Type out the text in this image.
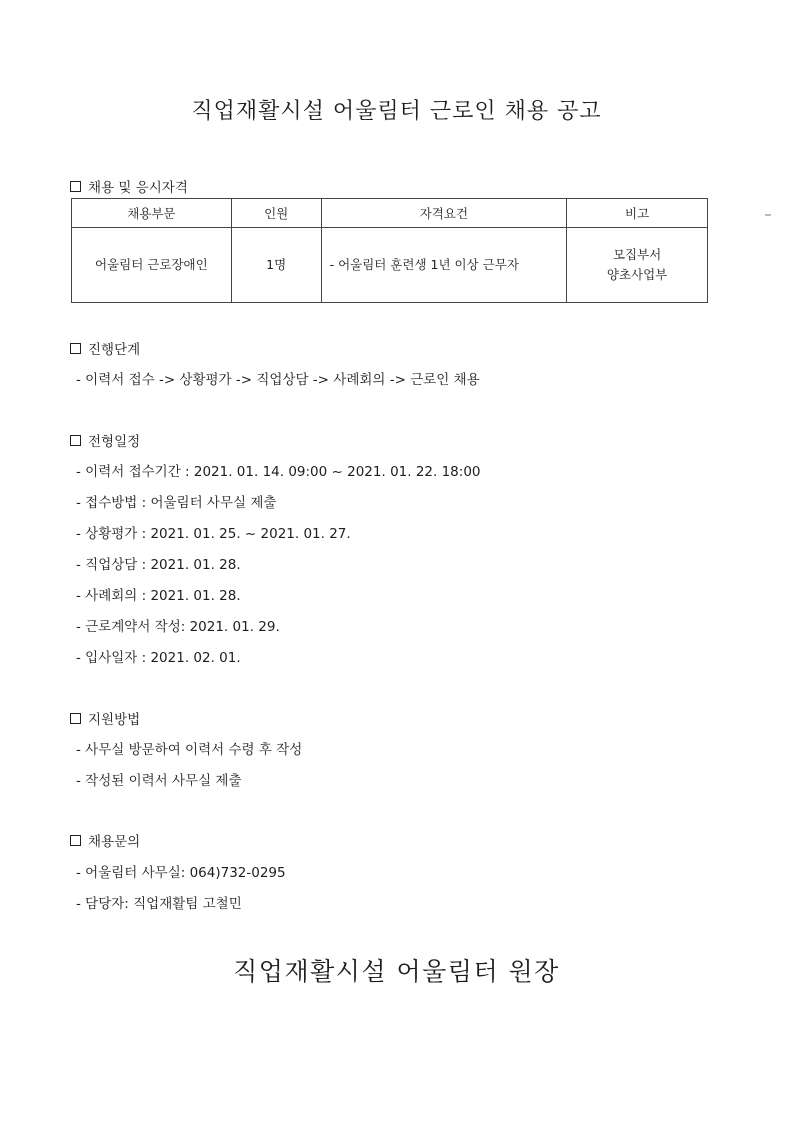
직업재활시설 어울림터 근로인 채용 공고
채용 및 응시자격
채용부문	인원	자격요건	비고
어울림터 근로장애인	1명	- 어울림터 훈련생 1년 이상 근무자	모집부서
양초사업부
진행단계
- 이력서 접수 -> 상황평가 -> 직업상담 -> 사례회의 -> 근로인 채용
전형일정
- 이력서 접수기간 : 2021. 01. 14. 09:00 ~ 2021. 01. 22. 18:00
- 접수방법 : 어울림터 사무실 제출
- 상황평가 : 2021. 01. 25. ~ 2021. 01. 27.
- 직업상담 : 2021. 01. 28.
- 사례회의 : 2021. 01. 28.
- 근로계약서 작성: 2021. 01. 29.
- 입사일자 : 2021. 02. 01.
지원방법
- 사무실 방문하여 이력서 수령 후 작성
- 작성된 이력서 사무실 제출
채용문의
- 어울림터 사무실: 064)732-0295
- 담당자: 직업재활팀 고철민
직업재활시설 어울림터 원장
